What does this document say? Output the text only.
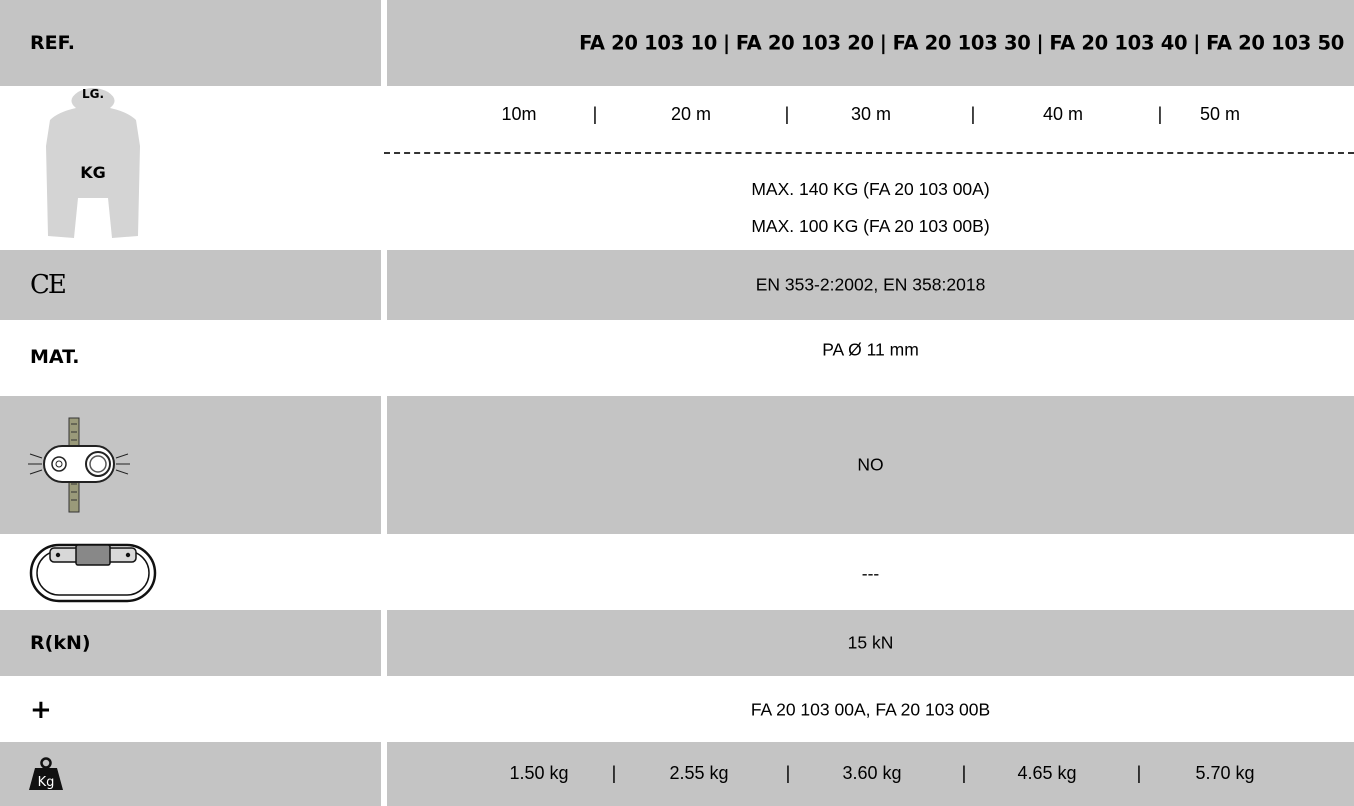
REF.	FA 20 103 10 | FA 20 103 20 | FA 20 103 30 | FA 20 103 40 | FA 20 103 50
LG.
KG
10m	|	20 m	|	30 m	|	40 m	| 50 m
MAX. 140 KG (FA 20 103 00A)
MAX. 100 KG (FA 20 103 00B)
CE	EN 353-2:2002, EN 358:2018
MAT.	PA Ø 11 mm
NO
---
R(kN)	15 kN
+	FA 20 103 00A, FA 20 103 00B
Kg	1.50 kg |	2.55 kg	|	3.60 kg	|	4.65 kg	|	5.70 kg
